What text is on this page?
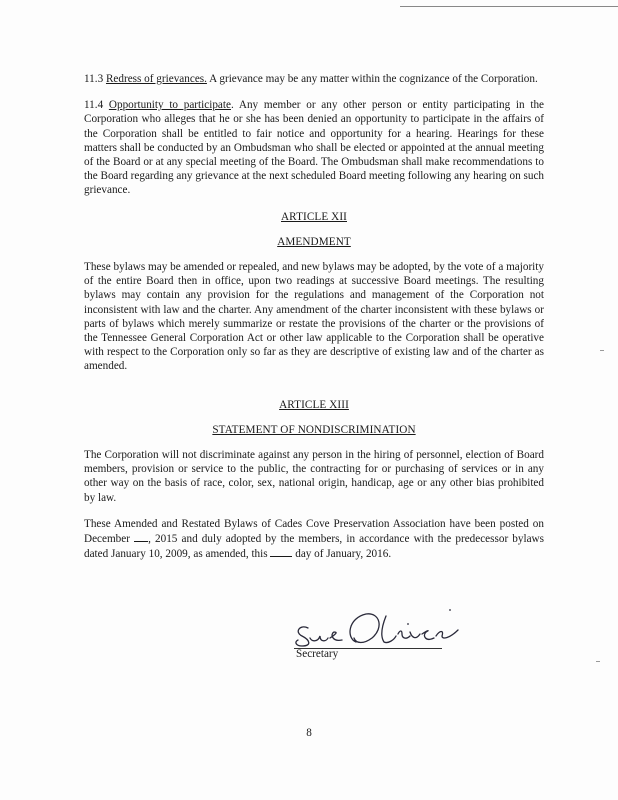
11.3 Redress of grievances. A grievance may be any matter within the cognizance of the Corporation.

11.4 Opportunity to participate. Any member or any other person or entity participating in the Corporation who alleges that he or she has been denied an opportunity to participate in the affairs of the Corporation shall be entitled to fair notice and opportunity for a hearing. Hearings for these matters shall be conducted by an Ombudsman who shall be elected or appointed at the annual meeting of the Board or at any special meeting of the Board. The Ombudsman shall make recommendations to the Board regarding any grievance at the next scheduled Board meeting following any hearing on such grievance.

ARTICLE XII
AMENDMENT

These bylaws may be amended or repealed, and new bylaws may be adopted, by the vote of a majority of the entire Board then in office, upon two readings at successive Board meetings. The resulting bylaws may contain any provision for the regulations and management of the Corporation not inconsistent with law and the charter. Any amendment of the charter inconsistent with these bylaws or parts of bylaws which merely summarize or restate the provisions of the charter or the provisions of the Tennessee General Corporation Act or other law applicable to the Corporation shall be operative with respect to the Corporation only so far as they are descriptive of existing law and of the charter as amended.

ARTICLE XIII
STATEMENT OF NONDISCRIMINATION

The Corporation will not discriminate against any person in the hiring of personnel, election of Board members, provision or service to the public, the contracting for or purchasing of services or in any other way on the basis of race, color, sex, national origin, handicap, age or any other bias prohibited by law.

These Amended and Restated Bylaws of Cades Cove Preservation Association have been posted on December , 2015 and duly adopted by the members, in accordance with the predecessor bylaws dated January 10, 2009, as amended, this  day of January, 2016.

Secretary
8
